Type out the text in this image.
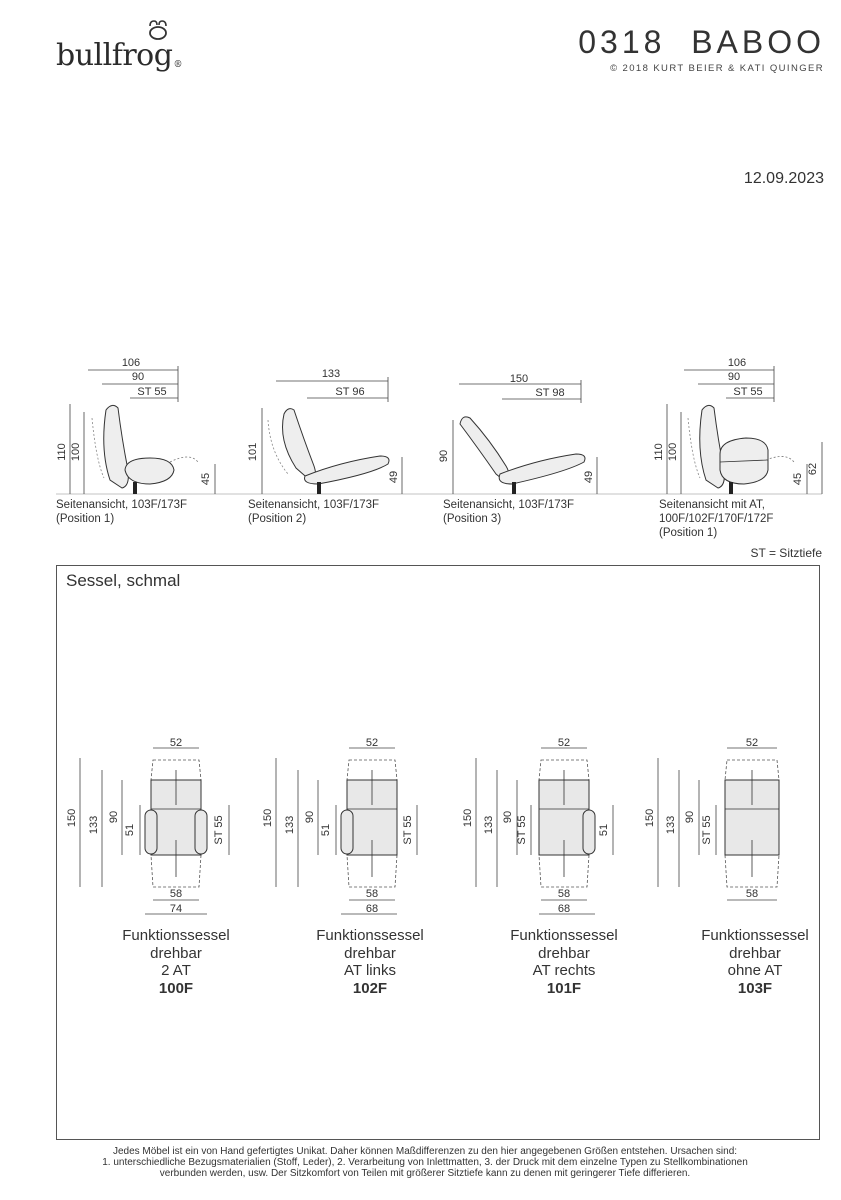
bullfrog®
0318  BABOO
© 2018 KURT BEIER & KATI QUINGER
12.09.2023
106
90
ST 55
110 100
45
133
ST 96
101
49
150
ST 98
90
49
106
90
ST 55
110 100
45
62
Seitenansicht, 103F/173F
(Position 1)
Seitenansicht, 103F/173F
(Position 2)
Seitenansicht, 103F/173F
(Position 3)
Seitenansicht mit AT,
100F/102F/170F/172F
(Position 1)
ST = Sitztiefe
Sessel, schmal
52
150 133 90
51	ST 55
58
74
52
150 133 90
51	ST 55
58
68
52
150 133 90 ST 55	51
58
68
52
150 133 90 ST 55
58
Funktionssessel
drehbar
2 AT
100F
Funktionssessel
drehbar
AT links
102F
Funktionssessel
drehbar
AT rechts
101F
Funktionssessel
drehbar
ohne AT
103F
Jedes Möbel ist ein von Hand gefertigtes Unikat. Daher können Maßdifferenzen zu den hier angegebenen Größen entstehen. Ursachen sind:
1. unterschiedliche Bezugsmaterialien (Stoff, Leder), 2. Verarbeitung von Inlettmatten, 3. der Druck mit dem einzelne Typen zu Stellkombinationen
verbunden werden, usw. Der Sitzkomfort von Teilen mit größerer Sitztiefe kann zu denen mit geringerer Tiefe differieren.
